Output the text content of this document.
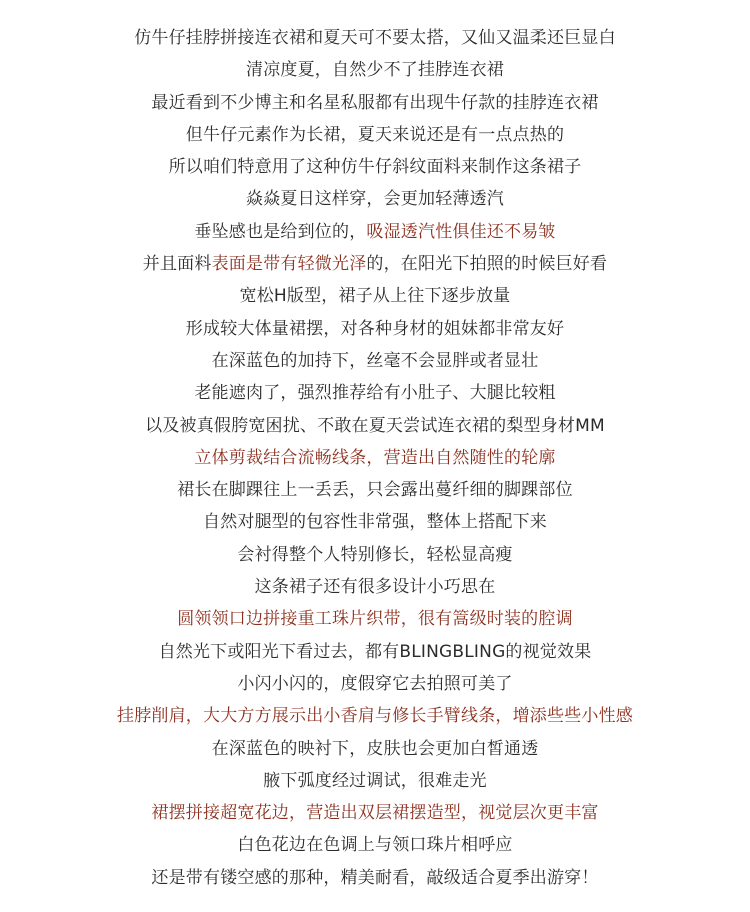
仿牛仔挂脖拼接连衣裙和夏天可不要太搭，又仙又温柔还巨显白
清凉度夏，自然少不了挂脖连衣裙
最近看到不少博主和名星私服都有出现牛仔款的挂脖连衣裙
但牛仔元素作为长裙，夏天来说还是有一点点热的
所以咱们特意用了这种仿牛仔斜纹面料来制作这条裙子
焱焱夏日这样穿，会更加轻薄透汽
垂坠感也是给到位的，吸湿透汽性俱佳还不易皱
并且面料表面是带有轻微光泽的，在阳光下拍照的时候巨好看
宽松H版型，裙子从上往下逐步放量
形成较大体量裙摆，对各种身材的姐妹都非常友好
在深蓝色的加持下，丝毫不会显胖或者显壮
老能遮肉了，强烈推荐给有小肚子、大腿比较粗
以及被真假胯宽困扰、不敢在夏天尝试连衣裙的梨型身材MM
立体剪裁结合流畅线条，营造出自然随性的轮廓
裙长在脚踝往上一丢丢，只会露出蔓纤细的脚踝部位
自然对腿型的包容性非常强，整体上搭配下来
会衬得整个人特别修长，轻松显高瘦
这条裙子还有很多设计小巧思在
圆领领口边拼接重工珠片织带，很有篙级时装的腔调
自然光下或阳光下看过去，都有BLINGBLING的视觉效果
小闪小闪的，度假穿它去拍照可美了
挂脖削肩，大大方方展示出小香肩与修长手臂线条，增添些些小性感
在深蓝色的映衬下，皮肤也会更加白皙通透
腋下弧度经过调试，很难走光
裙摆拼接超宽花边，营造出双层裙摆造型，视觉层次更丰富
白色花边在色调上与领口珠片相呼应
还是带有镂空感的那种，精美耐看，敲级适合夏季出游穿！
